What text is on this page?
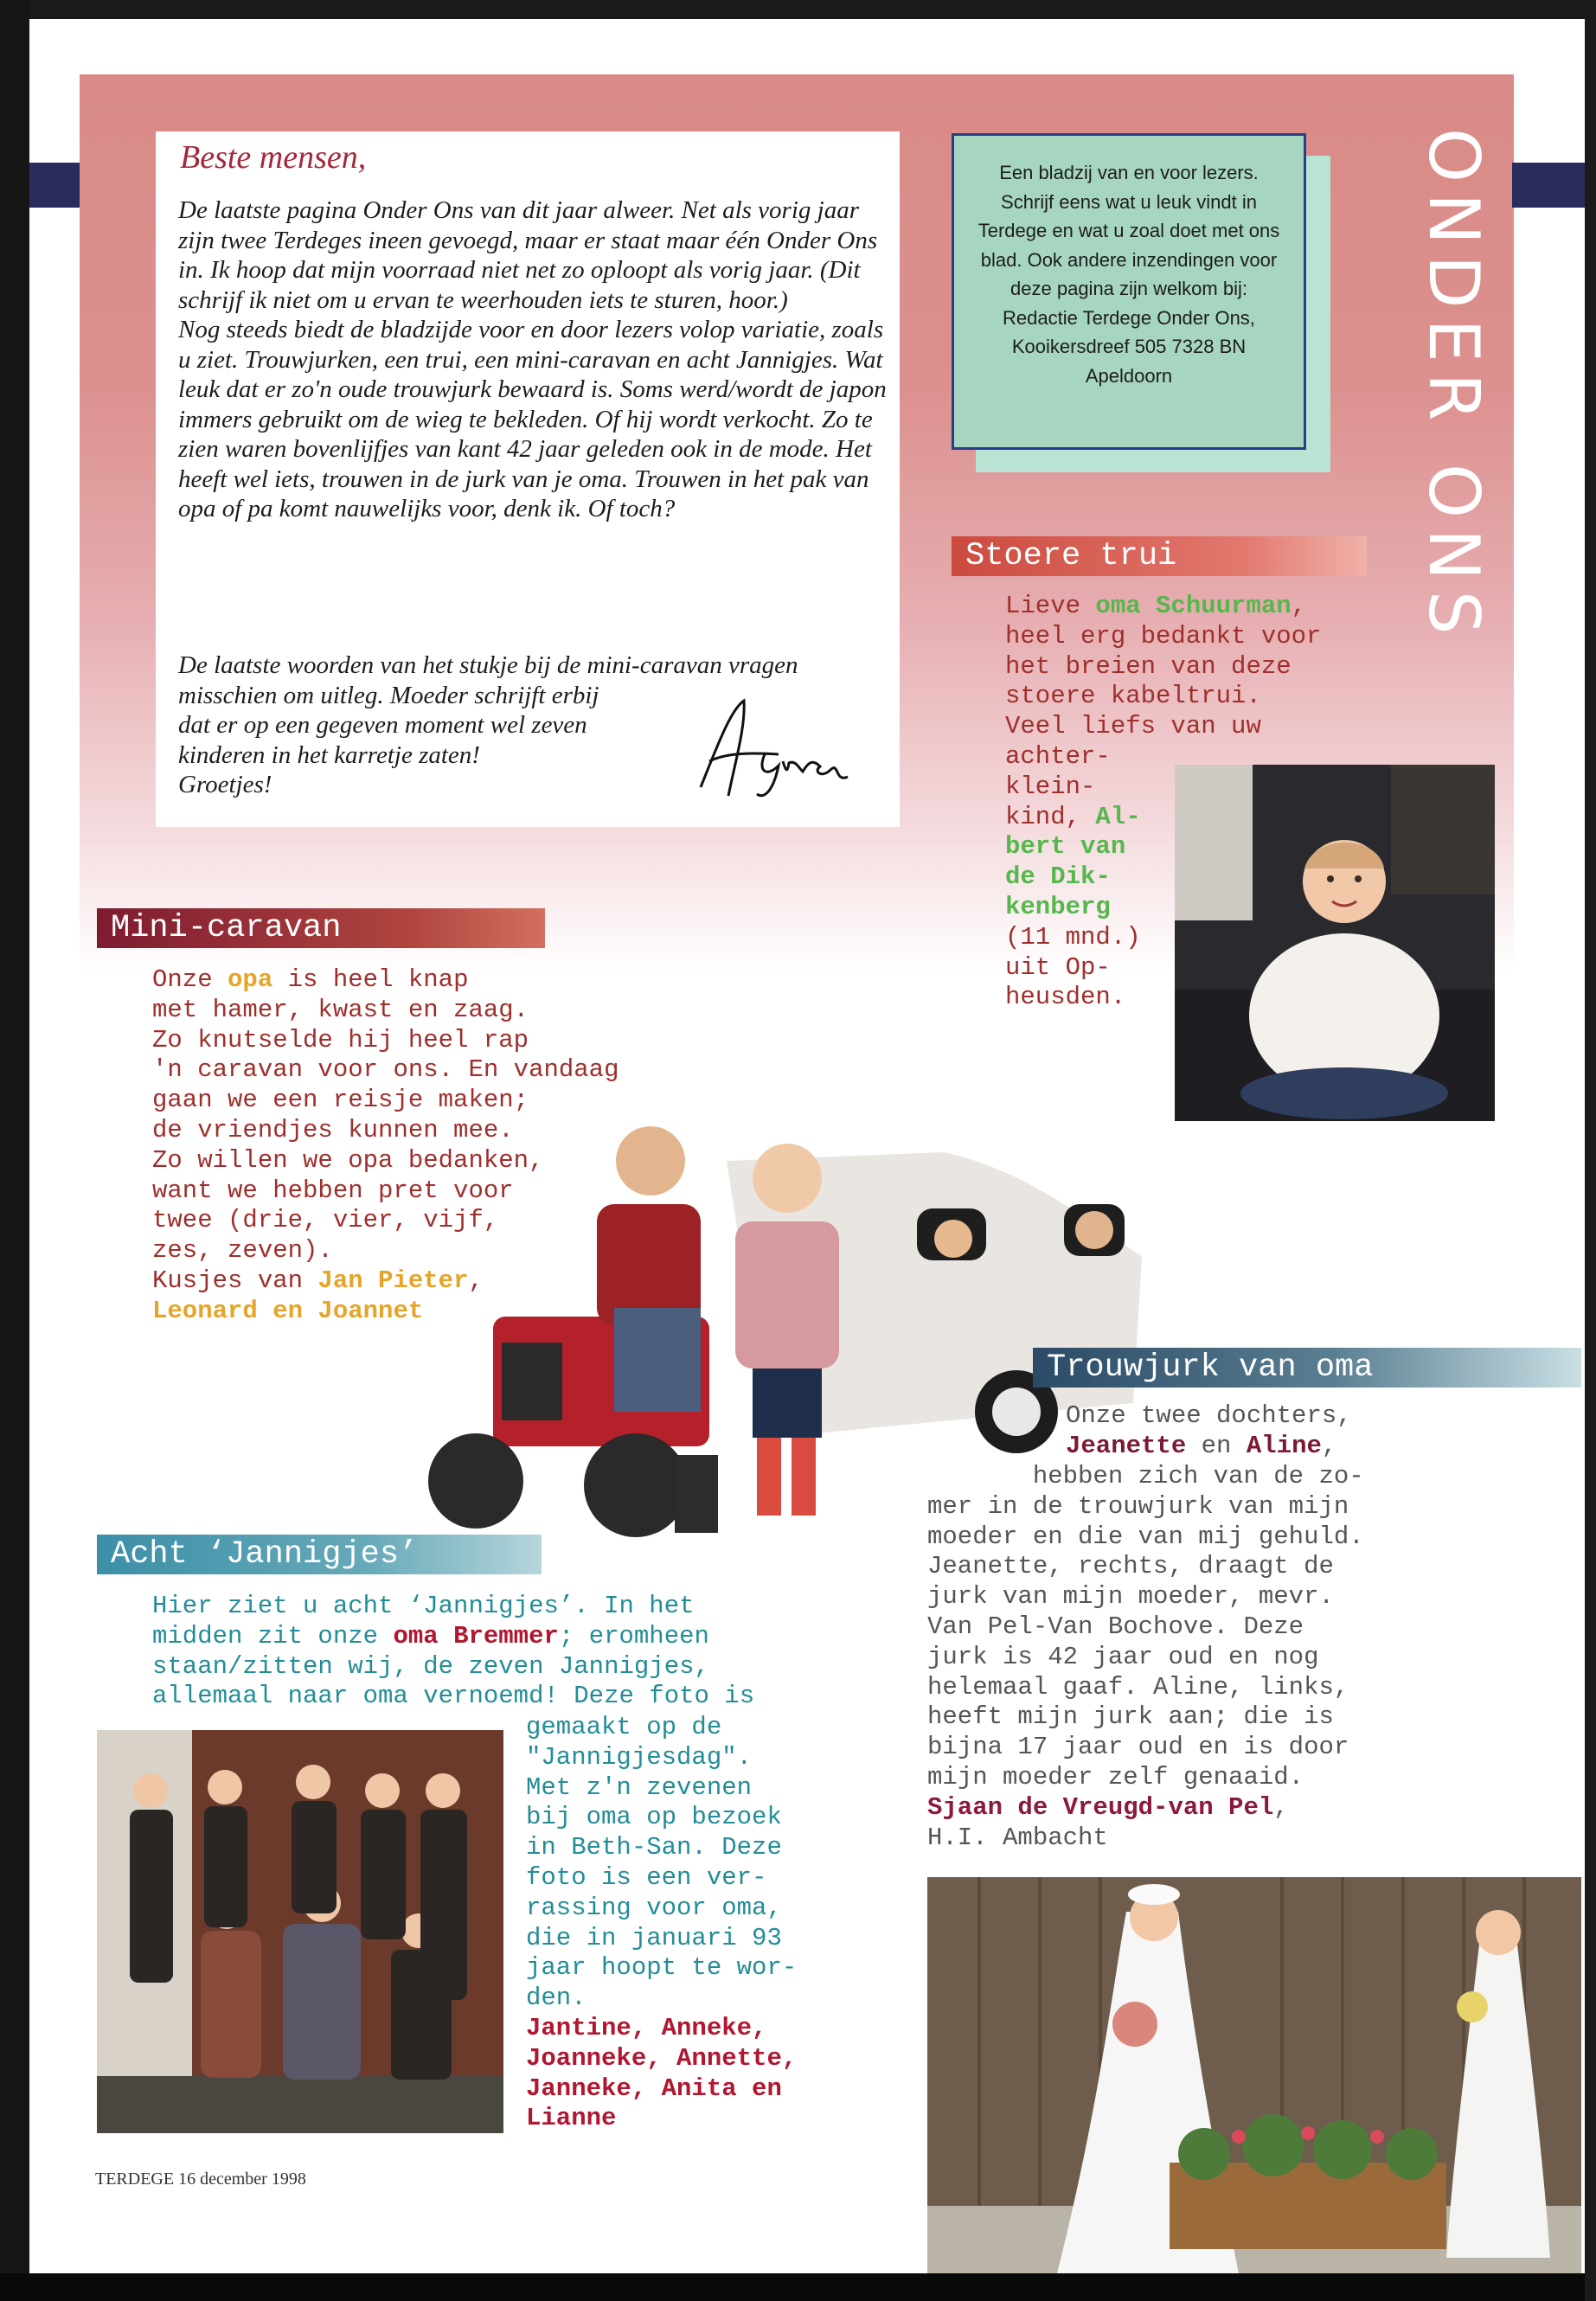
Beste mensen,

De laatste pagina Onder Ons van dit jaar alweer. Net als vorig jaar zijn twee Terdeges ineen gevoegd, maar er staat maar één Onder Ons in. Ik hoop dat mijn voorraad niet net zo oploopt als vorig jaar. (Dit schrijf ik niet om u ervan te weerhouden iets te sturen, hoor.)

Nog steeds biedt de bladzijde voor en door lezers volop variatie, zoals u ziet. Trouwjurken, een trui, een mini-caravan en acht Jannigjes. Wat leuk dat er zo'n oude trouwjurk bewaard is. Soms werd/wordt de japon immers gebruikt om de wieg te bekleden. Of hij wordt verkocht. Zo te zien waren bovenlijfjes van kant 42 jaar geleden ook in de mode. Het heeft wel iets, trouwen in de jurk van je oma. Trouwen in het pak van opa of pa komt nauwelijks voor, denk ik. Of toch?

De laatste woorden van het stukje bij de mini-caravan vragen misschien om uitleg. Moeder schrijft erbij

dat er op een gegeven moment wel zeven kinderen in het karretje zaten!

Groetjes!

Een bladzij van en voor lezers. Schrijf eens wat u leuk vindt in Terdege en wat u zoal doet met ons blad. Ook andere inzendingen voor deze pagina zijn welkom bij: Redactie Terdege Onder Ons, Kooikersdreef 505 7328 BN Apeldoorn	ONDER ONS
Stoere trui
Lieve oma Schuurman,
heel erg bedankt voor
het breien van deze
stoere kabeltrui.
Veel liefs van uw
achter-
klein-
kind, Al-
bert van
de Dik-
kenberg
(11 mnd.)
uit Op-
heusden.
Mini-caravan
Onze opa is heel knap
met hamer, kwast en zaag.
Zo knutselde hij heel rap
'n caravan voor ons. En vandaag
gaan we een reisje maken;
de vriendjes kunnen mee.
Zo willen we opa bedanken,
want we hebben pret voor
twee (drie, vier, vijf,
zes, zeven).
Kusjes van Jan Pieter,
Leonard en Joannet
Acht ‘Jannigjes’
Hier ziet u acht ‘Jannigjes’. In het
midden zit onze oma Bremmer; eromheen
staan/zitten wij, de zeven Jannigjes,
allemaal naar oma vernoemd! Deze foto is
gemaakt op de
"Jannigjesdag".
Met z'n zevenen
bij oma op bezoek
in Beth-San. Deze
foto is een ver-
rassing voor oma,
die in januari 93
jaar hoopt te wor-
den.
Jantine, Anneke,
Joanneke, Annette,
Janneke, Anita en
Lianne
Trouwjurk van oma
Onze twee dochters,
Jeanette en Aline,
hebben zich van de zo-
mer in de trouwjurk van mijn
moeder en die van mij gehuld.
Jeanette, rechts, draagt de
jurk van mijn moeder, mevr.
Van Pel-Van Bochove. Deze
jurk is 42 jaar oud en nog
helemaal gaaf. Aline, links,
heeft mijn jurk aan; die is
bijna 17 jaar oud en is door
mijn moeder zelf genaaid.
Sjaan de Vreugd-van Pel,
H.I. Ambacht
TERDEGE 16 december 1998
